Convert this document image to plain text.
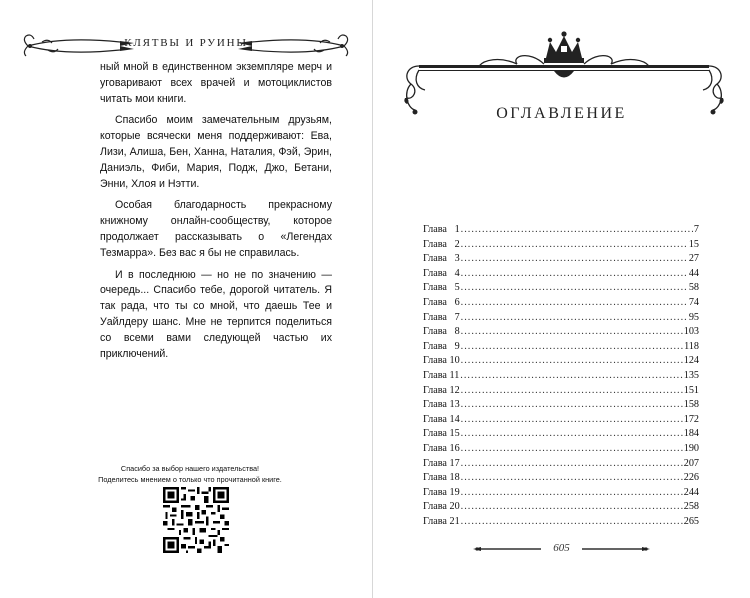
КЛЯТВЫ И РУИНЫ

ный мной в единственном экземпляре мерч и уговаривают всех врачей и мотоциклистов читать мои книги.

Спасибо моим замечательным друзьям, которые всячески меня поддерживают: Ева, Лизи, Алиша, Бен, Ханна, Наталия, Фэй, Эрин, Даниэль, Фиби, Мария, Подж, Джо, Бетани, Энни, Хлоя и Нэтти.

Особая благодарность прекрасному книжному онлайн-сообществу, которое продолжает рассказывать о «Легендах Тезмарра». Без вас я бы не справилась.

И в последнюю — но не по значению — очередь... Спасибо тебе, дорогой читатель. Я так рада, что ты со мной, что даешь Тее и Уайлдеру шанс. Мне не терпится поделиться со всеми вами следующей частью их приключений.

Спасибо за выбор нашего издательства!
Поделитесь мнением о только что прочитанной книге.
ОГЛАВЛЕНИЕ
Глава   1 .....	7
Глава   2 .....	15
Глава   3 .....	27
Глава   4 .....	44
Глава   5 .....	58
Глава   6 .....	74
Глава   7 .....	95
Глава   8 .....	103
Глава   9 .....	118
Глава 10 .....	124
Глава 11 .....	135
Глава 12 .....	151
Глава 13 .....	158
Глава 14 .....	172
Глава 15 .....	184
Глава 16 .....	190
Глава 17 .....	207
Глава 18 .....	226
Глава 19 .....	244
Глава 20 .....	258
Глава 21 .....	265
605
